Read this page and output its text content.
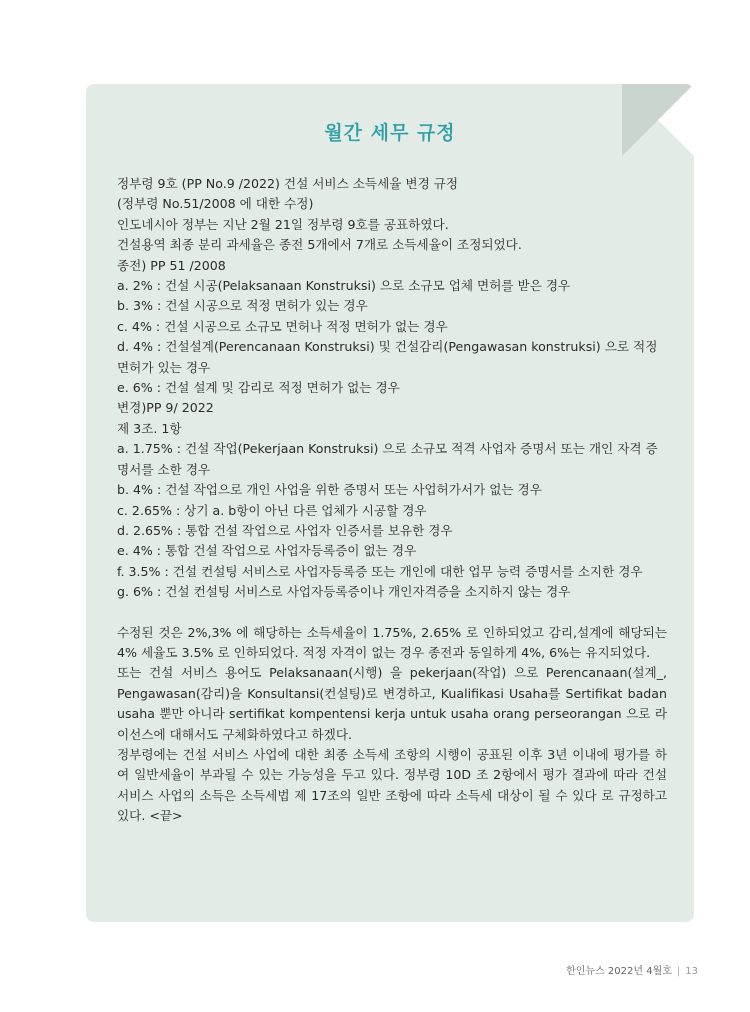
월간 세무 규정

정부령 9호 (PP No.9 /2022) 건설 서비스 소득세율 변경 규정

(정부령 No.51/2008 에 대한 수정)

인도네시아 정부는 지난 2월 21일 정부령 9호를 공표하였다.

건설용역 최종 분리 과세율은 종전 5개에서 7개로 소득세율이 조정되었다.

종전) PP 51 /2008

a. 2% : 건설 시공(Pelaksanaan Konstruksi) 으로 소규모 업체 면허를 받은 경우

b. 3% : 건설 시공으로 적정 면허가 있는 경우

c. 4% : 건설 시공으로 소규모 면허나 적정 면허가 없는 경우

d. 4% : 건설설계(Perencanaan Konstruksi) 및 건설감리(Pengawasan konstruksi) 으로 적정 면허가 있는 경우

e. 6% : 건설 설계 및 감리로 적정 면허가 없는 경우

변경)PP 9/ 2022

제 3조. 1항

a. 1.75% : 건설 작업(Pekerjaan Konstruksi) 으로 소규모 적격 사업자 증명서 또는 개인 자격 증명서를 소한 경우

b. 4% : 건설 작업으로 개인 사업을 위한 증명서 또는 사업허가서가 없는 경우

c. 2.65% : 상기 a. b항이 아닌 다른 업체가 시공할 경우

d. 2.65% : 통합 건설 작업으로 사업자 인증서를 보유한 경우

e. 4% : 통합 건설 작업으로 사업자등록증이 없는 경우

f. 3.5% : 건설 컨설팅 서비스로 사업자등록증 또는 개인에 대한 업무 능력 증명서를 소지한 경우

g. 6% : 건설 컨설팅 서비스로 사업자등록증이나 개인자격증을 소지하지 않는 경우

수정된 것은 2%,3% 에 해당하는 소득세율이 1.75%, 2.65% 로 인하되었고 감리,설계에 해당되는 4% 세율도 3.5% 로 인하되었다. 적정 자격이 없는 경우 종전과 동일하게 4%, 6%는 유지되었다.

또는 건설 서비스 용어도 Pelaksanaan(시행) 을 pekerjaan(작업) 으로 Perencanaan(설계_, Pengawasan(감리)을 Konsultansi(컨설팅)로 변경하고, Kualifikasi Usaha를 Sertifikat badan usaha 뿐만 아니라 sertifikat kompentensi kerja untuk usaha orang perseorangan 으로 라이선스에 대해서도 구체화하였다고 하겠다.

정부령에는 건설 서비스 사업에 대한 최종 소득세 조항의 시행이 공표된 이후 3년 이내에 평가를 하여 일반세율이 부과될 수 있는 가능성을 두고 있다. 정부령 10D 조 2항에서 평가 결과에 따라 건설 서비스 사업의 소득은 소득세법 제 17조의 일반 조항에 따라 소득세 대상이 될 수 있다 로 규정하고 있다. <끝>

한인뉴스 2022년 4월호 | 13
